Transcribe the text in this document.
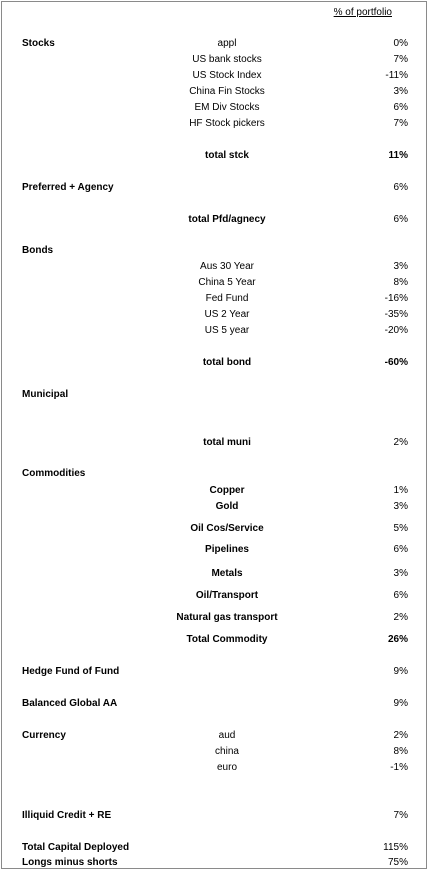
% of portfolio
Stocks	appl	0%
US bank stocks	7%
US Stock Index	-11%
China Fin Stocks	3%
EM Div Stocks	6%
HF Stock pickers	7%
total stck	11%
Preferred + Agency	6%
total Pfd/agnecy	6%
Bonds
Aus 30 Year	3%
China 5 Year	8%
Fed Fund	-16%
US 2 Year	-35%
US 5 year	-20%
total bond	-60%
Municipal
total muni	2%
Commodities
Copper	1%
Gold	3%
Oil Cos/Service	5%
Pipelines	6%
Metals	3%
Oil/Transport	6%
Natural gas transport	2%
Total Commodity	26%
Hedge Fund of Fund	9%
Balanced Global AA	9%
Currency	aud	2%
china	8%
euro	-1%
Illiquid Credit + RE	7%
Total Capital Deployed	115%
Longs minus shorts	75%
